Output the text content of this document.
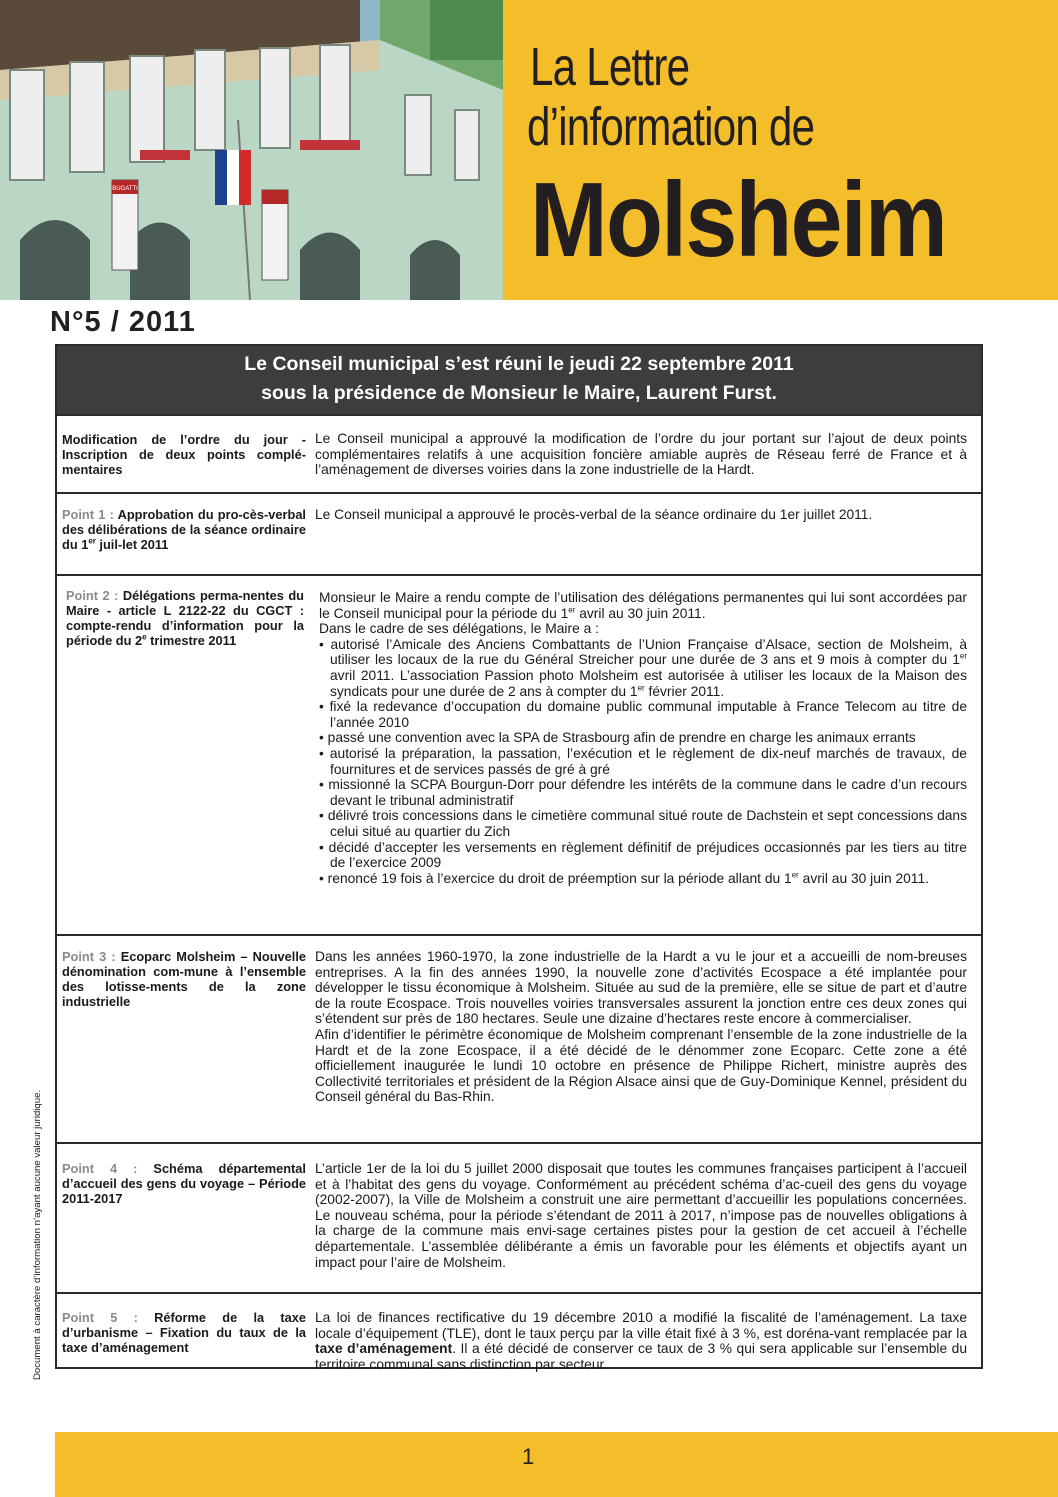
BUGATTI
La Lettre
d’information de
Molsheim
N°5 / 2011
Le Conseil municipal s’est réuni le jeudi 22 septembre 2011
sous la présidence de Monsieur le Maire, Laurent Furst.
Modification de l’ordre du jour - Inscription de deux points complé-mentaires
Le Conseil municipal a approuvé la modification de l’ordre du jour portant sur l’ajout de deux points complémentaires relatifs à une acquisition foncière amiable auprès de Réseau ferré de France et à l’aménagement de diverses voiries dans la zone industrielle de la Hardt.
Point 1 : Approbation du pro-cès-verbal des délibérations de la séance ordinaire du 1er juil-let 2011
Le Conseil municipal a approuvé le procès-verbal de la séance ordinaire du 1er juillet 2011.
Point 2 : Délégations perma-nentes du Maire - article L 2122-22 du CGCT : compte-rendu d’information pour la période du 2e trimestre 2011

Monsieur le Maire a rendu compte de l’utilisation des délégations permanentes qui lui sont accordées par le Conseil municipal pour la période du 1er avril au 30 juin 2011.

Dans le cadre de ses délégations, le Maire a :

• autorisé l’Amicale des Anciens Combattants de l’Union Française d’Alsace, section de Molsheim, à utiliser les locaux de la rue du Général Streicher pour une durée de 3 ans et 9 mois à compter du 1er avril 2011. L’association Passion photo Molsheim est autorisée à utiliser les locaux de la Maison des syndicats pour une durée de 2 ans à compter du 1er février 2011.
• fixé la redevance d’occupation du domaine public communal imputable à France Telecom au titre de l’année 2010
• passé une convention avec la SPA de Strasbourg afin de prendre en charge les animaux errants
• autorisé la préparation, la passation, l’exécution et le règlement de dix-neuf marchés de travaux, de fournitures et de services passés de gré à gré
• missionné la SCPA Bourgun-Dorr pour défendre les intérêts de la commune dans le cadre d’un recours devant le tribunal administratif
• délivré trois concessions dans le cimetière communal situé route de Dachstein et sept concessions dans celui situé au quartier du Zich
• décidé d’accepter les versements en règlement définitif de préjudices occasionnés par les tiers au titre de l’exercice 2009
• renoncé 19 fois à l’exercice du droit de préemption sur la période allant du 1er avril au 30 juin 2011.
Point 3 : Ecoparc Molsheim – Nouvelle dénomination com-mune à l’ensemble des lotisse-ments de la zone industrielle

Dans les années 1960-1970, la zone industrielle de la Hardt a vu le jour et a accueilli de nom-breuses entreprises. A la fin des années 1990, la nouvelle zone d’activités Ecospace a été implantée pour développer le tissu économique à Molsheim. Située au sud de la première, elle se situe de part et d’autre de la route Ecospace. Trois nouvelles voiries transversales assurent la jonction entre ces deux zones qui s’étendent sur près de 180 hectares. Seule une dizaine d’hectares reste encore à commercialiser.

Afin d’identifier le périmètre économique de Molsheim comprenant l’ensemble de la zone industrielle de la Hardt et de la zone Ecospace, il a été décidé de le dénommer zone Ecoparc. Cette zone a été officiellement inaugurée le lundi 10 octobre en présence de Philippe Richert, ministre auprès des Collectivité territoriales et président de la Région Alsace ainsi que de Guy-Dominique Kennel, président du Conseil général du Bas-Rhin.

Point 4 : Schéma départemental d’accueil des gens du voyage – Période 2011-2017
L’article 1er de la loi du 5 juillet 2000 disposait que toutes les communes françaises participent à l’accueil et à l’habitat des gens du voyage. Conformément au précédent schéma d’ac-cueil des gens du voyage (2002-2007), la Ville de Molsheim a construit une aire permettant d’accueillir les populations concernées. Le nouveau schéma, pour la période s’étendant de 2011 à 2017, n’impose pas de nouvelles obligations à la charge de la commune mais envi-sage certaines pistes pour la gestion de cet accueil à l’échelle départementale. L’assemblée délibérante a émis un favorable pour les éléments et objectifs ayant un impact pour l’aire de Molsheim.
Point 5 : Réforme de la taxe d’urbanisme – Fixation du taux de la taxe d’aménagement
La loi de finances rectificative du 19 décembre 2010 a modifié la fiscalité de l’aménagement. La taxe locale d’équipement (TLE), dont le taux perçu par la ville était fixé à 3 %, est doréna-vant remplacée par la taxe d’aménagement. Il a été décidé de conserver ce taux de 3 % qui sera applicable sur l’ensemble du territoire communal sans distinction par secteur.
Document à caractère d’information n’ayant aucune valeur juridique.
1
